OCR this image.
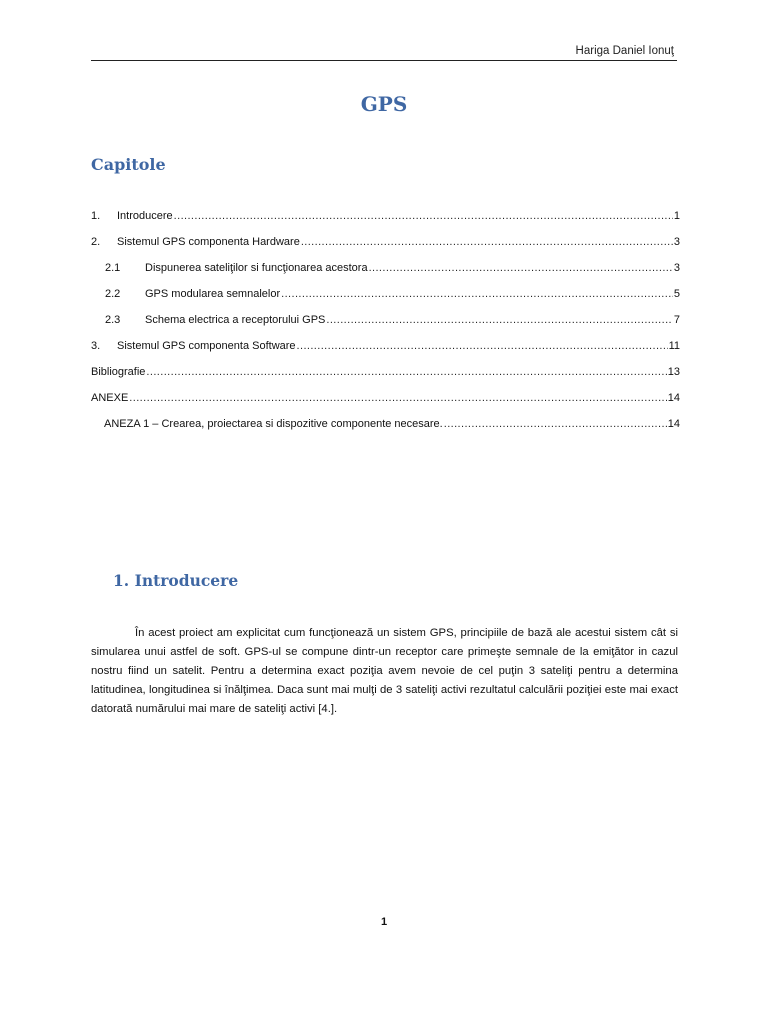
Hariga Daniel Ionuţ
GPS
Capitole
1.	Introducere .....	1
2.	Sistemul GPS componenta Hardware .....	3
2.1	Dispunerea sateliţilor si funcţionarea acestora .....	3
2.2	GPS modularea semnalelor .....	5
2.3	Schema electrica a receptorului GPS .....	7
3.	Sistemul GPS componenta Software .....	11
Bibliografie .....	13
ANEXE .....	14
ANEZA 1 – Crearea, proiectarea si dispozitive componente necesare. .....	14
1. Introducere
În acest proiect am explicitat cum funcţionează un sistem GPS, principiile de bază ale acestui sistem cât si simularea unui astfel de soft. GPS-ul se compune dintr-un receptor care primeşte semnale de la emiţător in cazul nostru fiind un satelit. Pentru a determina exact poziţia avem nevoie de cel puţin 3 sateliţi pentru a determina latitudinea, longitudinea si înălţimea. Daca sunt mai mulţi de 3 sateliţi activi rezultatul calculării poziţiei este mai exact datorată numărului mai mare de sateliţi activi [4.].
1
